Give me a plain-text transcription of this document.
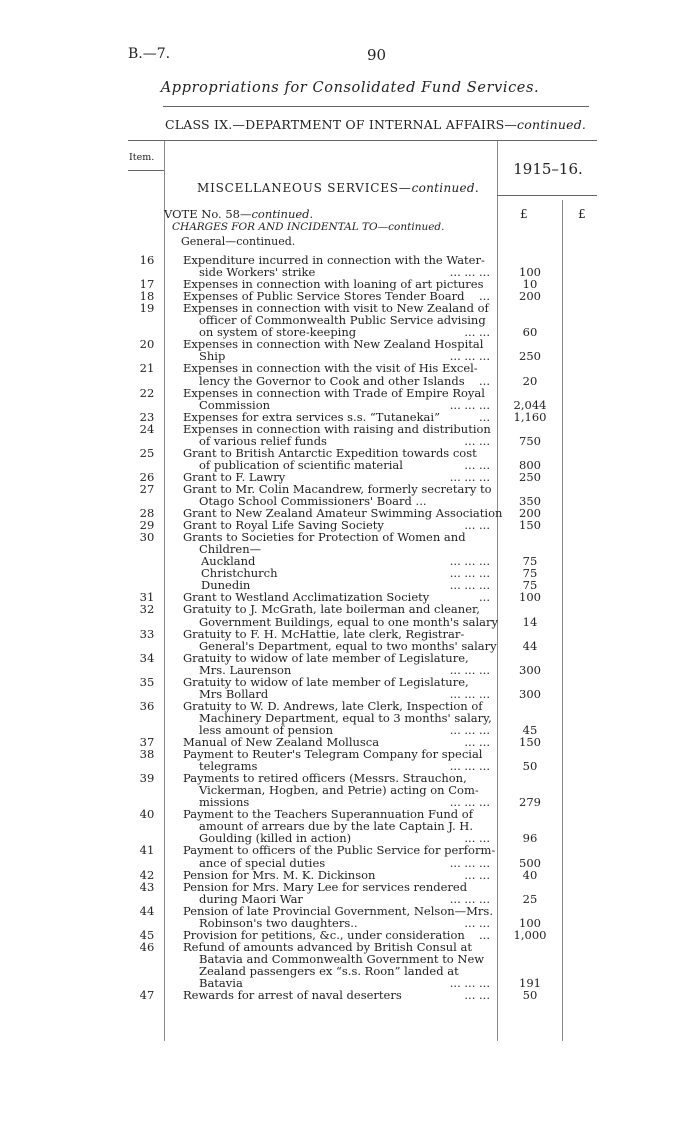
B.—7.	90
Appropriations for Consolidated Fund Services.
CLASS IX.—DEPARTMENT OF INTERNAL AFFAIRS—continued.
Item.
1915–16.
MISCELLANEOUS SERVICES—continued.
VOTE No. 58—continued.
CHARGES FOR AND INCIDENTAL TO—continued.
General—continued.
£	£
16	Expenditure incurred in connection with the Water-
side Workers' strike	... ... ...	100
17	Expenses in connection with loaning of art pictures	10
18	Expenses of Public Service Stores Tender Board ...	200
19	Expenses in connection with visit to New Zealand of
officer of Commonwealth Public Service advising
on system of store-keeping	... ...	60
20	Expenses in connection with New Zealand Hospital
Ship	... ... ...	250
21	Expenses in connection with the visit of His Excel-
lency the Governor to Cook and other Islands ...	20
22	Expenses in connection with Trade of Empire Royal
Commission	... ... ...	2,044
23	Expenses for extra services s.s. “Tutanekai”	...	1,160
24	Expenses in connection with raising and distribution
of various relief funds	... ...	750
25	Grant to British Antarctic Expedition towards cost
of publication of scientific material	... ...	800
26	Grant to F. Lawry	... ... ...	250
27	Grant to Mr. Colin Macandrew, formerly secretary to
Otago School Commissioners' Board ...	350
28	Grant to New Zealand Amateur Swimming Association	200
29	Grant to Royal Life Saving Society	... ...	150
30	Grants to Societies for Protection of Women and
Children—
Auckland	... ... ...	75
Christchurch	... ... ...	75
Dunedin	... ... ...	75
31	Grant to Westland Acclimatization Society	...	100
32	Gratuity to J. McGrath, late boilerman and cleaner,
Government Buildings, equal to one month's salary	14
33	Gratuity to F. H. McHattie, late clerk, Registrar-
General's Department, equal to two months' salary	44
34	Gratuity to widow of late member of Legislature,
Mrs. Laurenson	... ... ...	300
35	Gratuity to widow of late member of Legislature,
Mrs Bollard	... ... ...	300
36	Gratuity to W. D. Andrews, late Clerk, Inspection of
Machinery Department, equal to 3 months' salary,
less amount of pension	... ... ...	45
37	Manual of New Zealand Mollusca	... ...	150
38	Payment to Reuter's Telegram Company for special
telegrams	... ... ...	50
39	Payments to retired officers (Messrs. Strauchon,
Vickerman, Hogben, and Petrie) acting on Com-
missions	... ... ...	279
40	Payment to the Teachers Superannuation Fund of
amount of arrears due by the late Captain J. H.
Goulding (killed in action)	... ...	96
41	Payment to officers of the Public Service for perform-
ance of special duties	... ... ...	500
42	Pension for Mrs. M. K. Dickinson	... ...	40
43	Pension for Mrs. Mary Lee for services rendered
during Maori War	... ... ...	25
44	Pension of late Provincial Government, Nelson—Mrs.
Robinson's two daughters..	... ...	100
45	Provision for petitions, &c., under consideration ...	1,000
46	Refund of amounts advanced by British Consul at
Batavia and Commonwealth Government to New
Zealand passengers ex “s.s. Roon” landed at
Batavia	... ... ...	191
47	Rewards for arrest of naval deserters	... ...	50
